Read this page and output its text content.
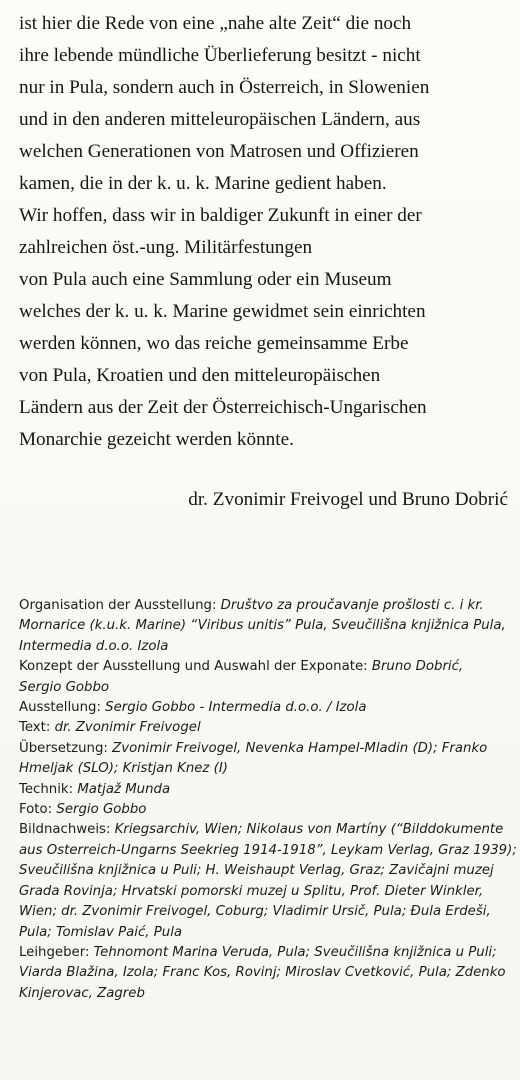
ist hier die Rede von eine „nahe alte Zeit“ die noch
ihre lebende mündliche Überlieferung besitzt - nicht
nur in Pula, sondern auch in Österreich, in Slowenien
und in den anderen mitteleuropäischen Ländern, aus
welchen Generationen von Matrosen und Offizieren
kamen, die in der k. u. k. Marine gedient haben.
Wir hoffen, dass wir in baldiger Zukunft in einer der
zahlreichen öst.-ung. Militärfestungen
von Pula auch eine Sammlung oder ein Museum
welches der k. u. k. Marine gewidmet sein einrichten
werden können, wo das reiche gemeinsamme Erbe
von Pula, Kroatien und den mitteleuropäischen
Ländern aus der Zeit der Österreichisch-Ungarischen
Monarchie gezeicht werden könnte.
dr. Zvonimir Freivogel und Bruno Dobrić
Organisation der Ausstellung: Društvo za proučavanje prošlosti c. i kr.
Mornarice (k.u.k. Marine) “Viribus unitis” Pula, Sveučilišna knjižnica Pula,
Intermedia d.o.o. Izola
Konzept der Ausstellung und Auswahl der Exponate: Bruno Dobrić,
Sergio Gobbo
Ausstellung: Sergio Gobbo - Intermedia d.o.o. / Izola
Text: dr. Zvonimir Freivogel
Übersetzung: Zvonimir Freivogel, Nevenka Hampel-Mladin (D); Franko
Hmeljak (SLO); Kristjan Knez (I)
Technik: Matjaž Munda
Foto: Sergio Gobbo
Bildnachweis: Kriegsarchiv, Wien; Nikolaus von Martíny (“Bilddokumente
aus Osterreich-Ungarns Seekrieg 1914-1918”, Leykam Verlag, Graz 1939);
Sveučilišna knjižnica u Puli; H. Weishaupt Verlag, Graz; Zavičajni muzej
Grada Rovinja; Hrvatski pomorski muzej u Splitu, Prof. Dieter Winkler,
Wien; dr. Zvonimir Freivogel, Coburg; Vladimir Ursič, Pula; Đula Erdeši,
Pula; Tomislav Paić, Pula
Leihgeber: Tehnomont Marina Veruda, Pula; Sveučilišna knjižnica u Puli;
Viarda Blažina, Izola; Franc Kos, Rovinj; Miroslav Cvetković, Pula; Zdenko
Kinjerovac, Zagreb
